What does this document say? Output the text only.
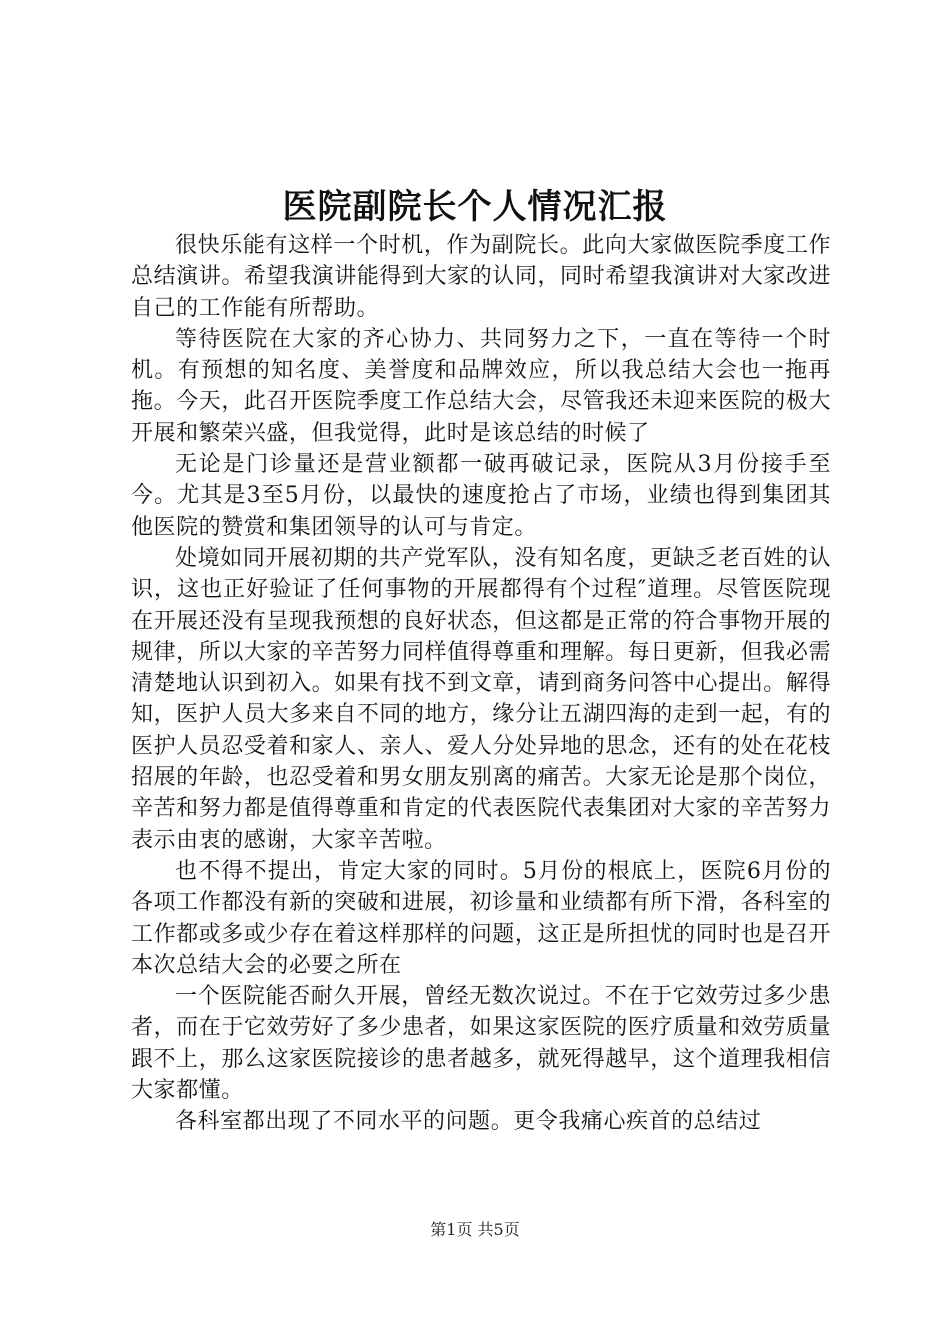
医院副院长个人情况汇报

很快乐能有这样一个时机，作为副院长。此向大家做医院季度工作总结演讲。希望我演讲能得到大家的认同，同时希望我演讲对大家改进自己的工作能有所帮助。

等待医院在大家的齐心协力、共同努力之下，一直在等待一个时机。有预想的知名度、美誉度和品牌效应，所以我总结大会也一拖再拖。今天，此召开医院季度工作总结大会，尽管我还未迎来医院的极大开展和繁荣兴盛，但我觉得，此时是该总结的时候了

无论是门诊量还是营业额都一破再破记录，医院从3月份接手至今。尤其是3至5月份，以最快的速度抢占了市场，业绩也得到集团其他医院的赞赏和集团领导的认可与肯定。

处境如同开展初期的共产党军队，没有知名度，更缺乏老百姓的认识，这也正好验证了任何事物的开展都得有个过程″道理。尽管医院现在开展还没有呈现我预想的良好状态，但这都是正常的符合事物开展的规律，所以大家的辛苦努力同样值得尊重和理解。每日更新，但我必需清楚地认识到初入。如果有找不到文章，请到商务问答中心提出。解得知，医护人员大多来自不同的地方，缘分让五湖四海的走到一起，有的医护人员忍受着和家人、亲人、爱人分处异地的思念，还有的处在花枝招展的年龄，也忍受着和男女朋友别离的痛苦。大家无论是那个岗位，辛苦和努力都是值得尊重和肯定的代表医院代表集团对大家的辛苦努力表示由衷的感谢，大家辛苦啦。

也不得不提出，肯定大家的同时。5月份的根底上，医院6月份的各项工作都没有新的突破和进展，初诊量和业绩都有所下滑，各科室的工作都或多或少存在着这样那样的问题，这正是所担忧的同时也是召开本次总结大会的必要之所在

一个医院能否耐久开展，曾经无数次说过。不在于它效劳过多少患者，而在于它效劳好了多少患者，如果这家医院的医疗质量和效劳质量跟不上，那么这家医院接诊的患者越多，就死得越早，这个道理我相信大家都懂。

各科室都出现了不同水平的问题。更令我痛心疾首的总结过

第1页 共5页
